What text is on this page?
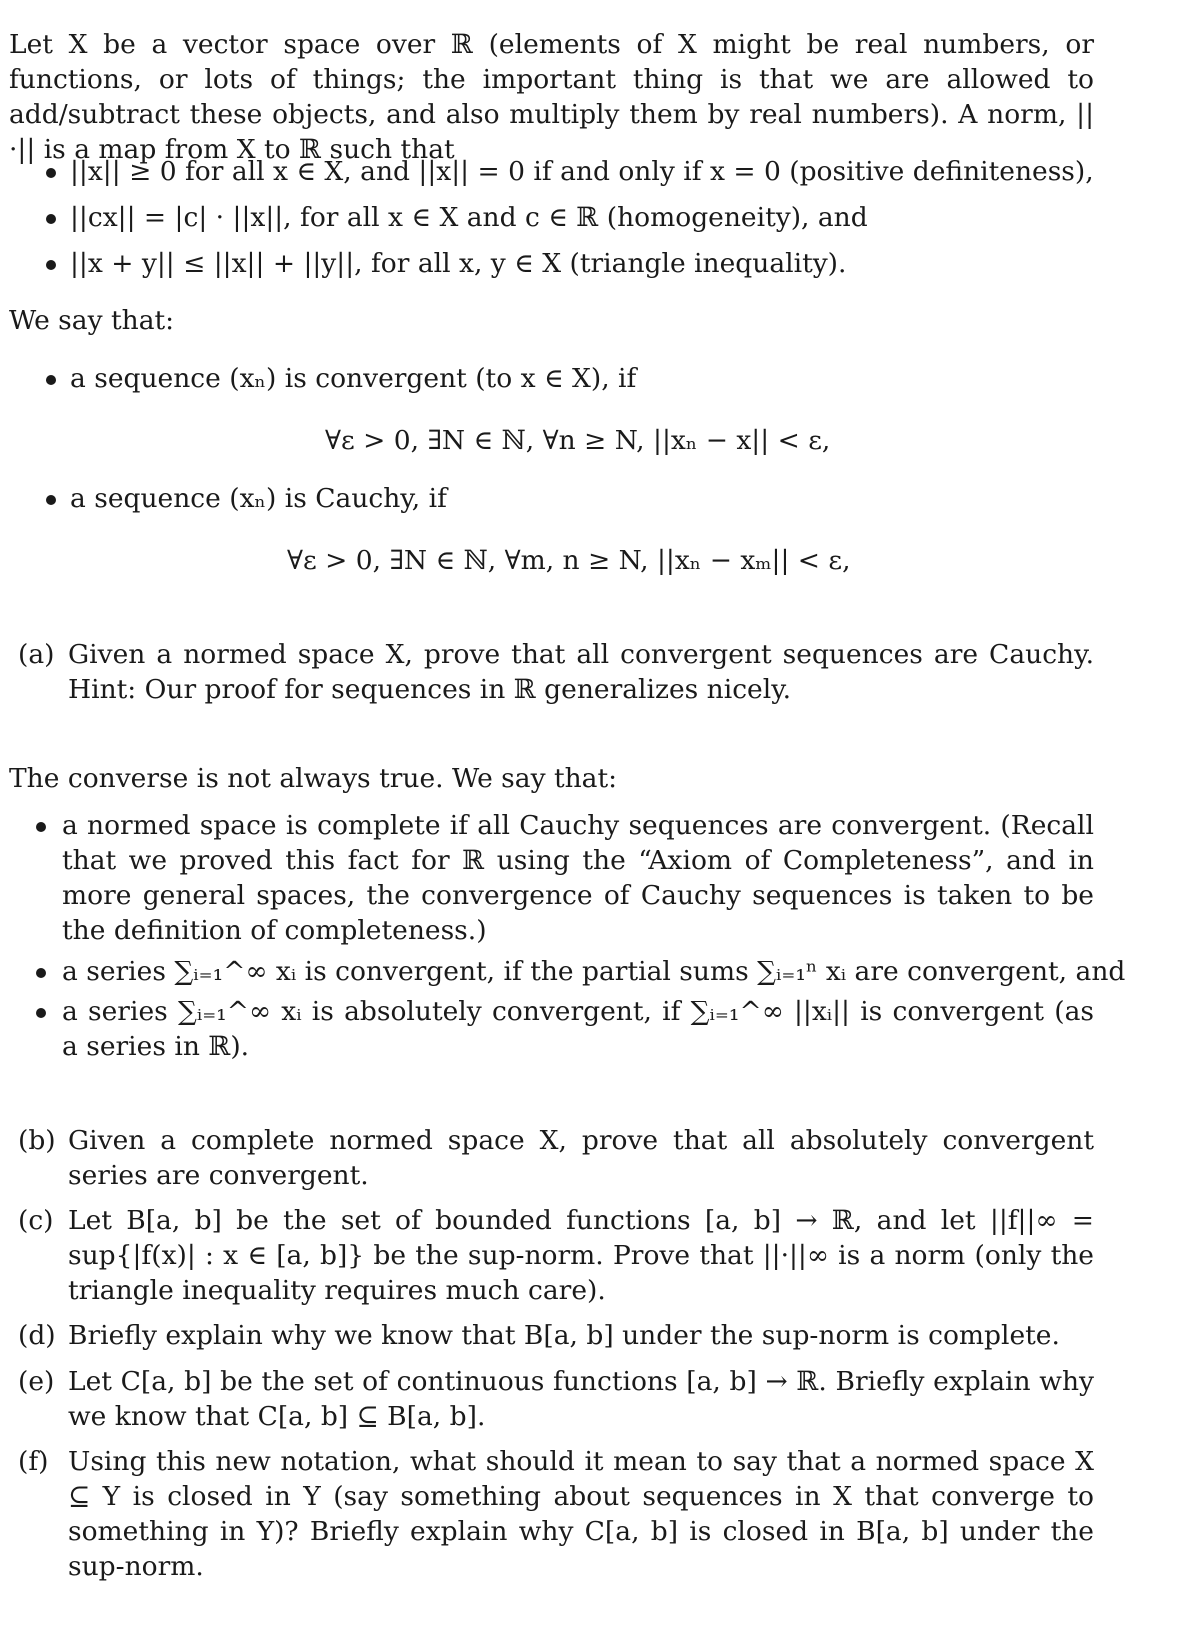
Let X be a vector space over ℝ (elements of X might be real numbers, or functions, or lots of things; the important thing is that we are allowed to add/subtract these objects, and also multiply them by real numbers). A norm, ||·|| is a map from X to ℝ such that

||x|| ≥ 0 for all x ∈ X, and ||x|| = 0 if and only if x = 0 (positive definiteness),
||cx|| = |c| · ||x||, for all x ∈ X and c ∈ ℝ (homogeneity), and
||x + y|| ≤ ||x|| + ||y||, for all x, y ∈ X (triangle inequality).
We say that:
a sequence (xₙ) is convergent (to x ∈ X), if
∀ε > 0, ∃N ∈ ℕ, ∀n ≥ N, ||xₙ − x|| < ε,
a sequence (xₙ) is Cauchy, if
∀ε > 0, ∃N ∈ ℕ, ∀m, n ≥ N, ||xₙ − xₘ|| < ε,
(a) Given a normed space X, prove that all convergent sequences are Cauchy. Hint: Our proof for sequences in ℝ generalizes nicely.

The converse is not always true. We say that:

a normed space is complete if all Cauchy sequences are convergent. (Recall that we proved this fact for ℝ using the “Axiom of Completeness”, and in more general spaces, the convergence of Cauchy sequences is taken to be the definition of completeness.)

a series ∑ᵢ₌₁^∞ xᵢ is convergent, if the partial sums ∑ᵢ₌₁ⁿ xᵢ are convergent, and

a series ∑ᵢ₌₁^∞ xᵢ is absolutely convergent, if ∑ᵢ₌₁^∞ ||xᵢ|| is convergent (as a series in ℝ).

(b) Given a complete normed space X, prove that all absolutely convergent series are convergent.

(c) Let B[a, b] be the set of bounded functions [a, b] → ℝ, and let ||f||∞ = sup{|f(x)| : x ∈ [a, b]} be the sup-norm. Prove that ||·||∞ is a norm (only the triangle inequality requires much care).

(d) Briefly explain why we know that B[a, b] under the sup-norm is complete.

(e) Let C[a, b] be the set of continuous functions [a, b] → ℝ. Briefly explain why we know that C[a, b] ⊆ B[a, b].

(f) Using this new notation, what should it mean to say that a normed space X ⊆ Y is closed in Y (say something about sequences in X that converge to something in Y)? Briefly explain why C[a, b] is closed in B[a, b] under the sup-norm.
